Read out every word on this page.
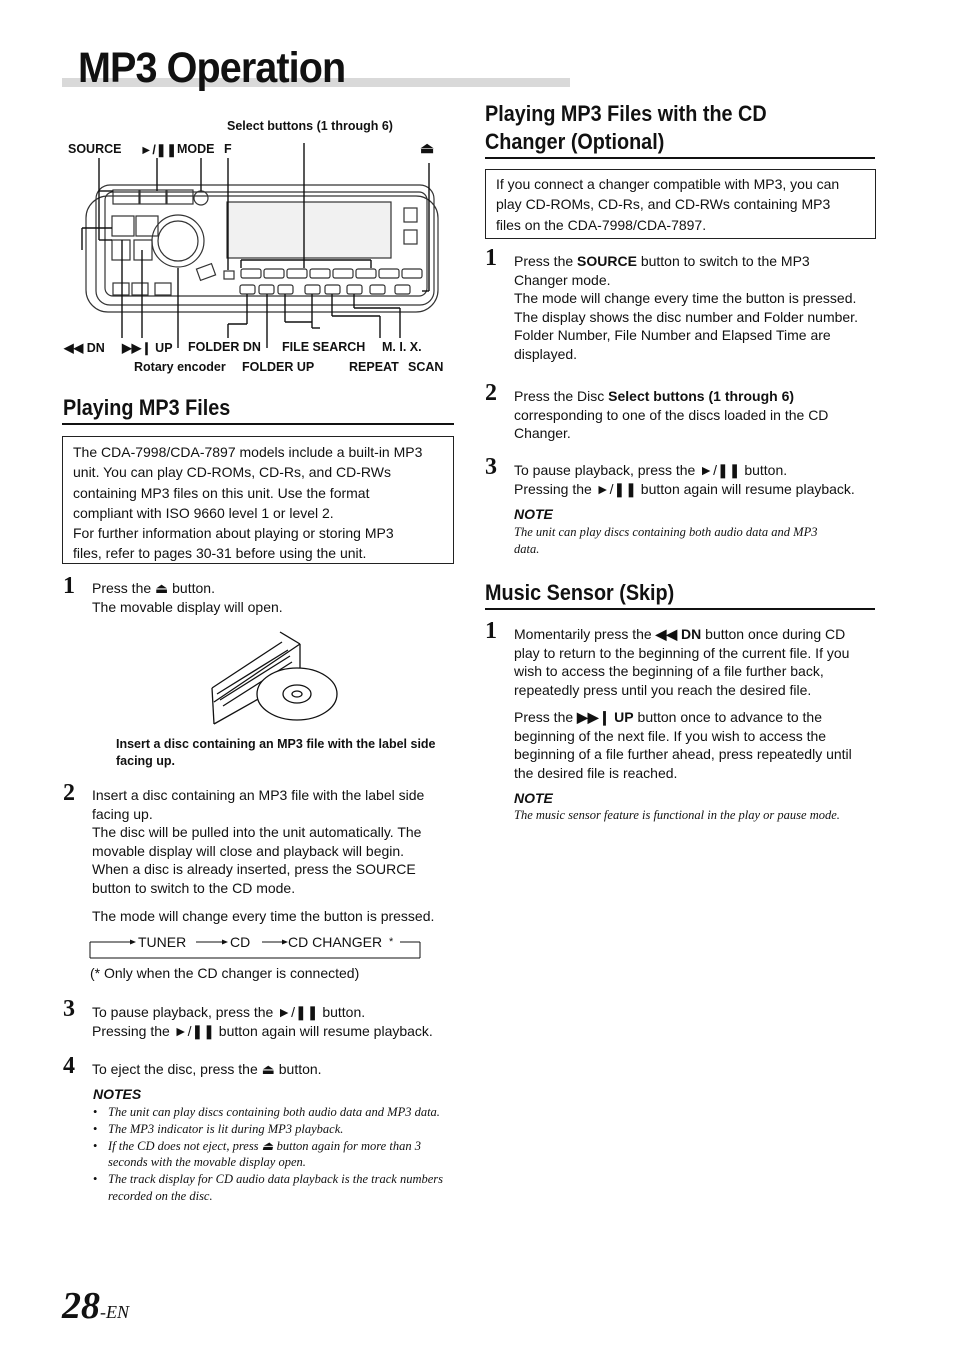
MP3 Operation
Select buttons (1 through 6)
SOURCE ►/❚❚ MODE F	⏏
◀◀ DN ▶▶❙ UP FOLDER DN FILE SEARCH M. I. X.
Rotary encoder FOLDER UP	REPEAT SCAN
Playing MP3 Files
The CDA-7998/CDA-7897 models include a built-in MP3
unit. You can play CD-ROMs, CD-Rs, and CD-RWs
containing MP3 files on this unit. Use the format
compliant with ISO 9660 level 1 or level 2.
For further information about playing or storing MP3
files, refer to pages 30-31 before using the unit.
1 Press the ⏏ button.
The movable display will open.
Insert a disc containing an MP3 file with the label side facing up.
2 Insert a disc containing an MP3 file with the label side
facing up.
The disc will be pulled into the unit automatically. The
movable display will close and playback will begin.
When a disc is already inserted, press the SOURCE
button to switch to the CD mode.
The mode will change every time the button is pressed.
TUNER	CD	CD CHANGER *
(* Only when the CD changer is connected)
3 To pause playback, press the ►/❚❚ button.
Pressing the ►/❚❚ button again will resume playback.
4 To eject the disc, press the ⏏ button.
NOTES
• The unit can play discs containing both audio data and MP3 data.
• The MP3 indicator is lit during MP3 playback.
• If the CD does not eject, press ⏏ button again for more than 3 seconds with the movable display open.
• The track display for CD audio data playback is the track numbers recorded on the disc.
Playing MP3 Files with the CD
Changer (Optional)
If you connect a changer compatible with MP3, you can
play CD-ROMs, CD-Rs, and CD-RWs containing MP3
files on the CDA-7998/CDA-7897.
1 Press the SOURCE button to switch to the MP3
Changer mode.
The mode will change every time the button is pressed.
The display shows the disc number and Folder number.
Folder Number, File Number and Elapsed Time are
displayed.
2 Press the Disc Select buttons (1 through 6)
corresponding to one of the discs loaded in the CD
Changer.
3 To pause playback, press the ►/❚❚ button.
Pressing the ►/❚❚ button again will resume playback.
NOTE
The unit can play discs containing both audio data and MP3
data.
Music Sensor (Skip)
1 Momentarily press the ◀◀ DN button once during CD
play to return to the beginning of the current file. If you
wish to access the beginning of a file further back,
repeatedly press until you reach the desired file.
Press the ▶▶❙ UP button once to advance to the
beginning of the next file. If you wish to access the
beginning of a file further ahead, press repeatedly until
the desired file is reached.
NOTE
The music sensor feature is functional in the play or pause mode.
28-EN
